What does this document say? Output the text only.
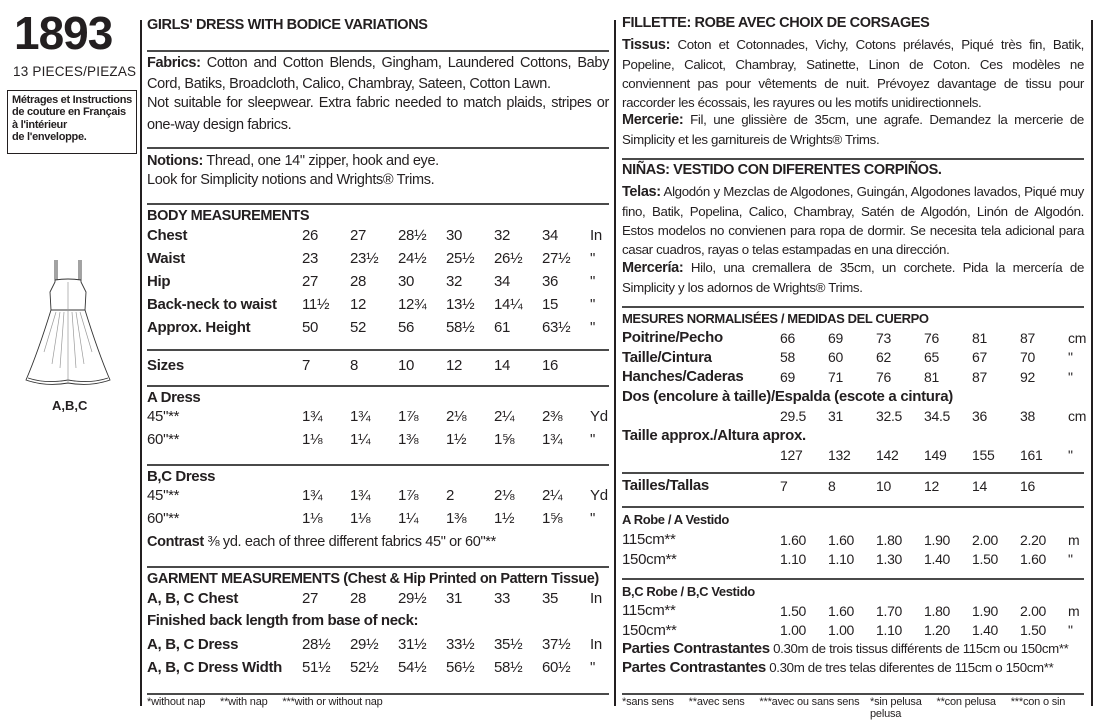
1893
13 PIECES/PIEZAS
Métrages et Instructions
de couture en Français
à l'intérieur
de l'enveloppe.
A,B,C
GIRLS' DRESS WITH BODICE VARIATIONS
Fabrics: Cotton and Cotton Blends, Gingham, Laundered Cottons, Baby Cord, Batiks, Broadcloth, Calico, Chambray, Sateen, Cotton Lawn.
Not suitable for sleepwear. Extra fabric needed to match plaids, stripes or one-way design fabrics.
Notions: Thread, one 14" zipper, hook and eye.
Look for Simplicity notions and Wrights® Trims.
BODY MEASUREMENTS
Chest	26	27	28½	30	32	34	In
Waist	23	23½	24½	25½	26½	27½	"
Hip	27	28	30	32	34	36	"
Back-neck to waist	11½	12	12¾	13½	14¼	15	"
Approx. Height	50	52	56	58½	61	63½	"
Sizes	7	8	10	12	14	16	
A Dress
45"**	1¾	1¾	1⅞	2⅛	2¼	2⅜	Yd
60"**	1⅛	1¼	1⅜	1½	1⅝	1¾	"
B,C Dress
45"**	1¾	1¾	1⅞	2	2⅛	2¼	Yd
60"**	1⅛	1⅛	1¼	1⅜	1½	1⅝	"
Contrast ⅜ yd. each of three different fabrics 45" or 60"**
GARMENT MEASUREMENTS (Chest & Hip Printed on Pattern Tissue)
A, B, C Chest	27	28	29½	31	33	35	In
Finished back length from base of neck:
A, B, C Dress	28½	29½	31½	33½	35½	37½	In
A, B, C Dress Width	51½	52½	54½	56½	58½	60½	"
*without nap **with nap ***with or without nap
FILLETTE: ROBE AVEC CHOIX DE CORSAGES
Tissus: Coton et Cotonnades, Vichy, Cotons prélavés, Piqué très fin, Batik, Popeline, Calicot, Chambray, Satinette, Linon de Coton. Ces modèles ne conviennent pas pour vêtements de nuit. Prévoyez davantage de tissu pour raccorder les écossais, les rayures ou les motifs unidirectionnels.
Mercerie: Fil, une glissière de 35cm, une agrafe. Demandez la mercerie de Simplicity et les garnitureis de Wrights® Trims.
NIÑAS: VESTIDO CON DIFERENTES CORPIÑOS.
Telas: Algodón y Mezclas de Algodones, Guingán, Algodones lavados, Piqué muy fino, Batik, Popelina, Calico, Chambray, Satén de Algodón, Linón de Algodón. Estos modelos no convienen para ropa de dormir. Se necesita tela adicional para casar cuadros, rayas o telas estampadas en una dirección.
Mercería: Hilo, una cremallera de 35cm, un corchete. Pida la mercería de Simplicity y los adornos de Wrights® Trims.
MESURES NORMALISÉES / MEDIDAS DEL CUERPO
Poitrine/Pecho	66	69	73	76	81	87	cm
Taille/Cintura	58	60	62	65	67	70	"
Hanches/Caderas	69	71	76	81	87	92	"
Dos (encolure à taille)/Espalda (escote a cintura)							
	29.5	31	32.5	34.5	36	38	cm
Taille approx./Altura aprox.							
	127	132	142	149	155	161	"
Tailles/Tallas	7	8	10	12	14	16	
A Robe / A Vestido
115cm**	1.60	1.60	1.80	1.90	2.00	2.20	m
150cm**	1.10	1.10	1.30	1.40	1.50	1.60	"
B,C Robe / B,C Vestido
115cm**	1.50	1.60	1.70	1.80	1.90	2.00	m
150cm**	1.00	1.00	1.10	1.20	1.40	1.50	"
Parties Contrastantes 0.30m de trois tissus différents de 115cm ou 150cm**
Partes Contrastantes 0.30m de tres telas diferentes de 115cm o 150cm**
*sans sens **avec sens ***avec ou sans sens *sin pelusa **con pelusa ***con o sin pelusa
